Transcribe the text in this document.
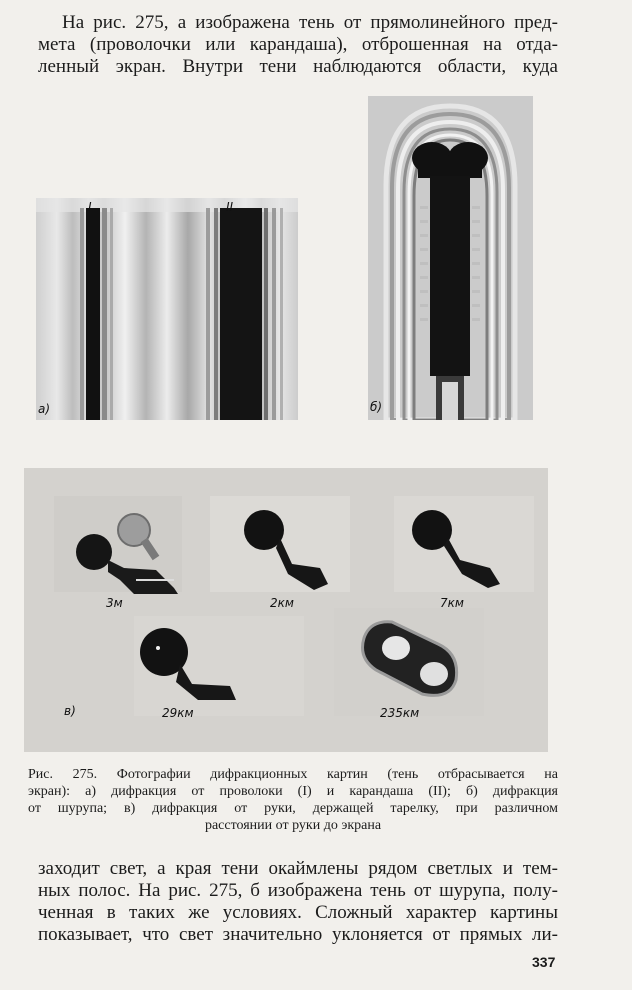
На рис. 275, а изображена тень от прямолинейного пред-
мета (проволочки или карандаша), отброшенная на отда-
ленный экран. Внутри тени наблюдаются области, куда

I	II
а)	б)
3м	2км	7км
29км	235км
в)

Рис. 275. Фотографии дифракционных картин (тень отбрасывается на
экран): а) дифракция от проволоки (I) и карандаша (II); б) дифракция
от шурупа; в) дифракция от руки, держащей тарелку, при различном
расстоянии от руки до экрана

заходит свет, а края тени окаймлены рядом светлых и тем-
ных полос. На рис. 275, б изображена тень от шурупа, полу-
ченная в таких же условиях. Сложный характер картины
показывает, что свет значительно уклоняется от прямых ли-

337
